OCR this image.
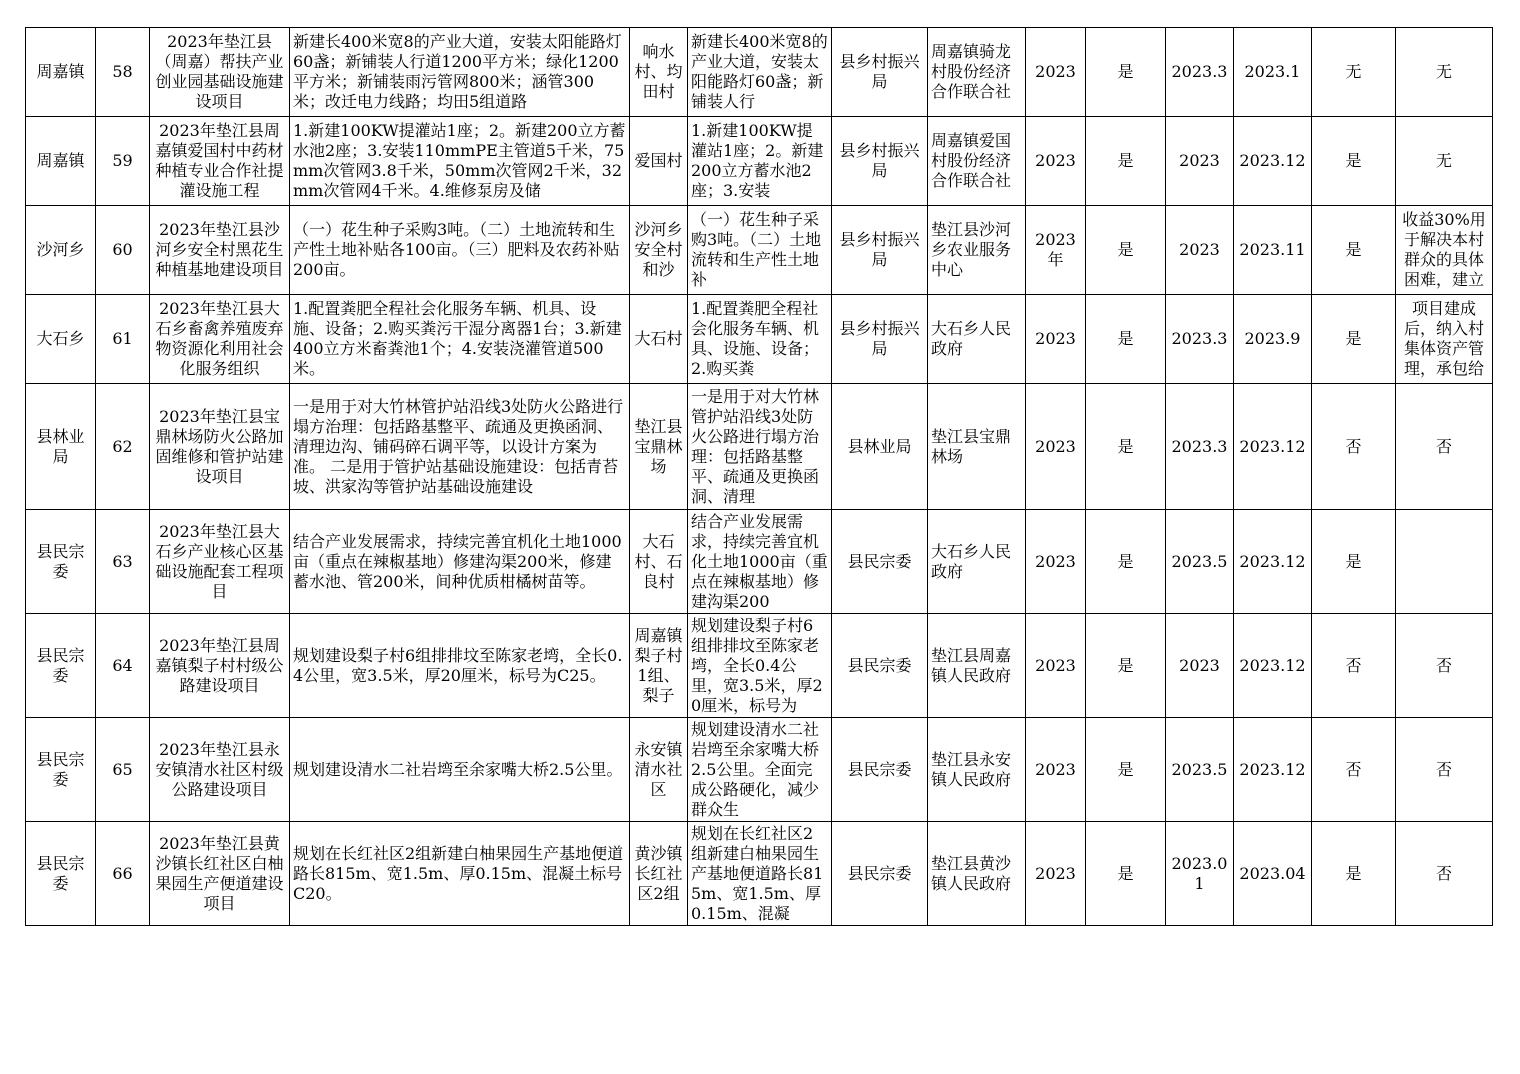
周嘉镇	58	2023年垫江县（周嘉）帮扶产业创业园基础设施建设项目	新建长400米宽8的产业大道，安装太阳能路灯60盏；新铺装人行道1200平方米；绿化1200平方米；新铺装雨污管网800米；涵管300米；改迁电力线路；均田5组道路	响水村、均田村	新建长400米宽8的产业大道，安装太阳能路灯60盏；新铺装人行	县乡村振兴局	周嘉镇骑龙村股份经济合作联合社	2023	是	2023.3	2023.1	无	无

周嘉镇	59	2023年垫江县周嘉镇爱国村中药材种植专业合作社提灌设施工程	1.新建100KW提灌站1座；2。新建200立方蓄水池2座；3.安装110mmPE主管道5千米，75mm次管网3.8千米，50mm次管网2千米，32mm次管网4千米。4.维修泵房及储	爱国村	1.新建100KW提灌站1座；2。新建200立方蓄水池2座；3.安装	县乡村振兴局	周嘉镇爱国村股份经济合作联合社	2023	是	2023	2023.12	是	无

沙河乡	60	2023年垫江县沙河乡安全村黑花生种植基地建设项目	（一）花生种子采购3吨。（二）土地流转和生产性土地补贴各100亩。（三）肥料及农药补贴200亩。	沙河乡安全村和沙	（一）花生种子采购3吨。（二）土地流转和生产性土地补	县乡村振兴局	垫江县沙河乡农业服务中心	2023年	是	2023	2023.11	是	收益30%用于解决本村群众的具体困难，建立

大石乡	61	2023年垫江县大石乡畜禽养殖废弃物资源化利用社会化服务组织	1.配置粪肥全程社会化服务车辆、机具、设施、设备；2.购买粪污干湿分离器1台；3.新建400立方米畜粪池1个；4.安装浇灌管道500米。	大石村	1.配置粪肥全程社会化服务车辆、机具、设施、设备；2.购买粪	县乡村振兴局	大石乡人民政府	2023	是	2023.3	2023.9	是	项目建成后，纳入村集体资产管理，承包给

县林业局	62	2023年垫江县宝鼎林场防火公路加固维修和管护站建设项目	一是用于对大竹林管护站沿线3处防火公路进行塌方治理：包括路基整平、疏通及更换函洞、清理边沟、铺码碎石调平等，以设计方案为准。 二是用于管护站基础设施建设：包括青苔坡、洪家沟等管护站基础设施建设	垫江县宝鼎林场	一是用于对大竹林管护站沿线3处防火公路进行塌方治理：包括路基整平、疏通及更换函洞、清理	县林业局	垫江县宝鼎林场	2023	是	2023.3	2023.12	否	否

县民宗委	63	2023年垫江县大石乡产业核心区基础设施配套工程项目	结合产业发展需求，持续完善宜机化土地1000亩（重点在辣椒基地）修建沟渠200米，修建蓄水池、管200米，间种优质柑橘树苗等。	大石村、石良村	结合产业发展需求，持续完善宜机化土地1000亩（重点在辣椒基地）修建沟渠200	县民宗委	大石乡人民政府	2023	是	2023.5	2023.12	是	

县民宗委	64	2023年垫江县周嘉镇梨子村村级公路建设项目	规划建设梨子村6组排排坟至陈家老塆，全长0.4公里，宽3.5米，厚20厘米，标号为C25。	周嘉镇梨子村1组、梨子	规划建设梨子村6组排排坟至陈家老塆，全长0.4公里，宽3.5米，厚20厘米，标号为	县民宗委	垫江县周嘉镇人民政府	2023	是	2023	2023.12	否	否

县民宗委	65	2023年垫江县永安镇清水社区村级公路建设项目	规划建设清水二社岩塆至余家嘴大桥2.5公里。	永安镇清水社区	规划建设清水二社岩塆至余家嘴大桥2.5公里。全面完成公路硬化，减少群众生	县民宗委	垫江县永安镇人民政府	2023	是	2023.5	2023.12	否	否

县民宗委	66	2023年垫江县黄沙镇长红社区白柚果园生产便道建设项目	规划在长红社区2组新建白柚果园生产基地便道路长815m、宽1.5m、厚0.15m、混凝土标号C20。	黄沙镇长红社区2组	规划在长红社区2组新建白柚果园生产基地便道路长815m、宽1.5m、厚0.15m、混凝	县民宗委	垫江县黄沙镇人民政府	2023	是	2023.01	2023.04	是	否
